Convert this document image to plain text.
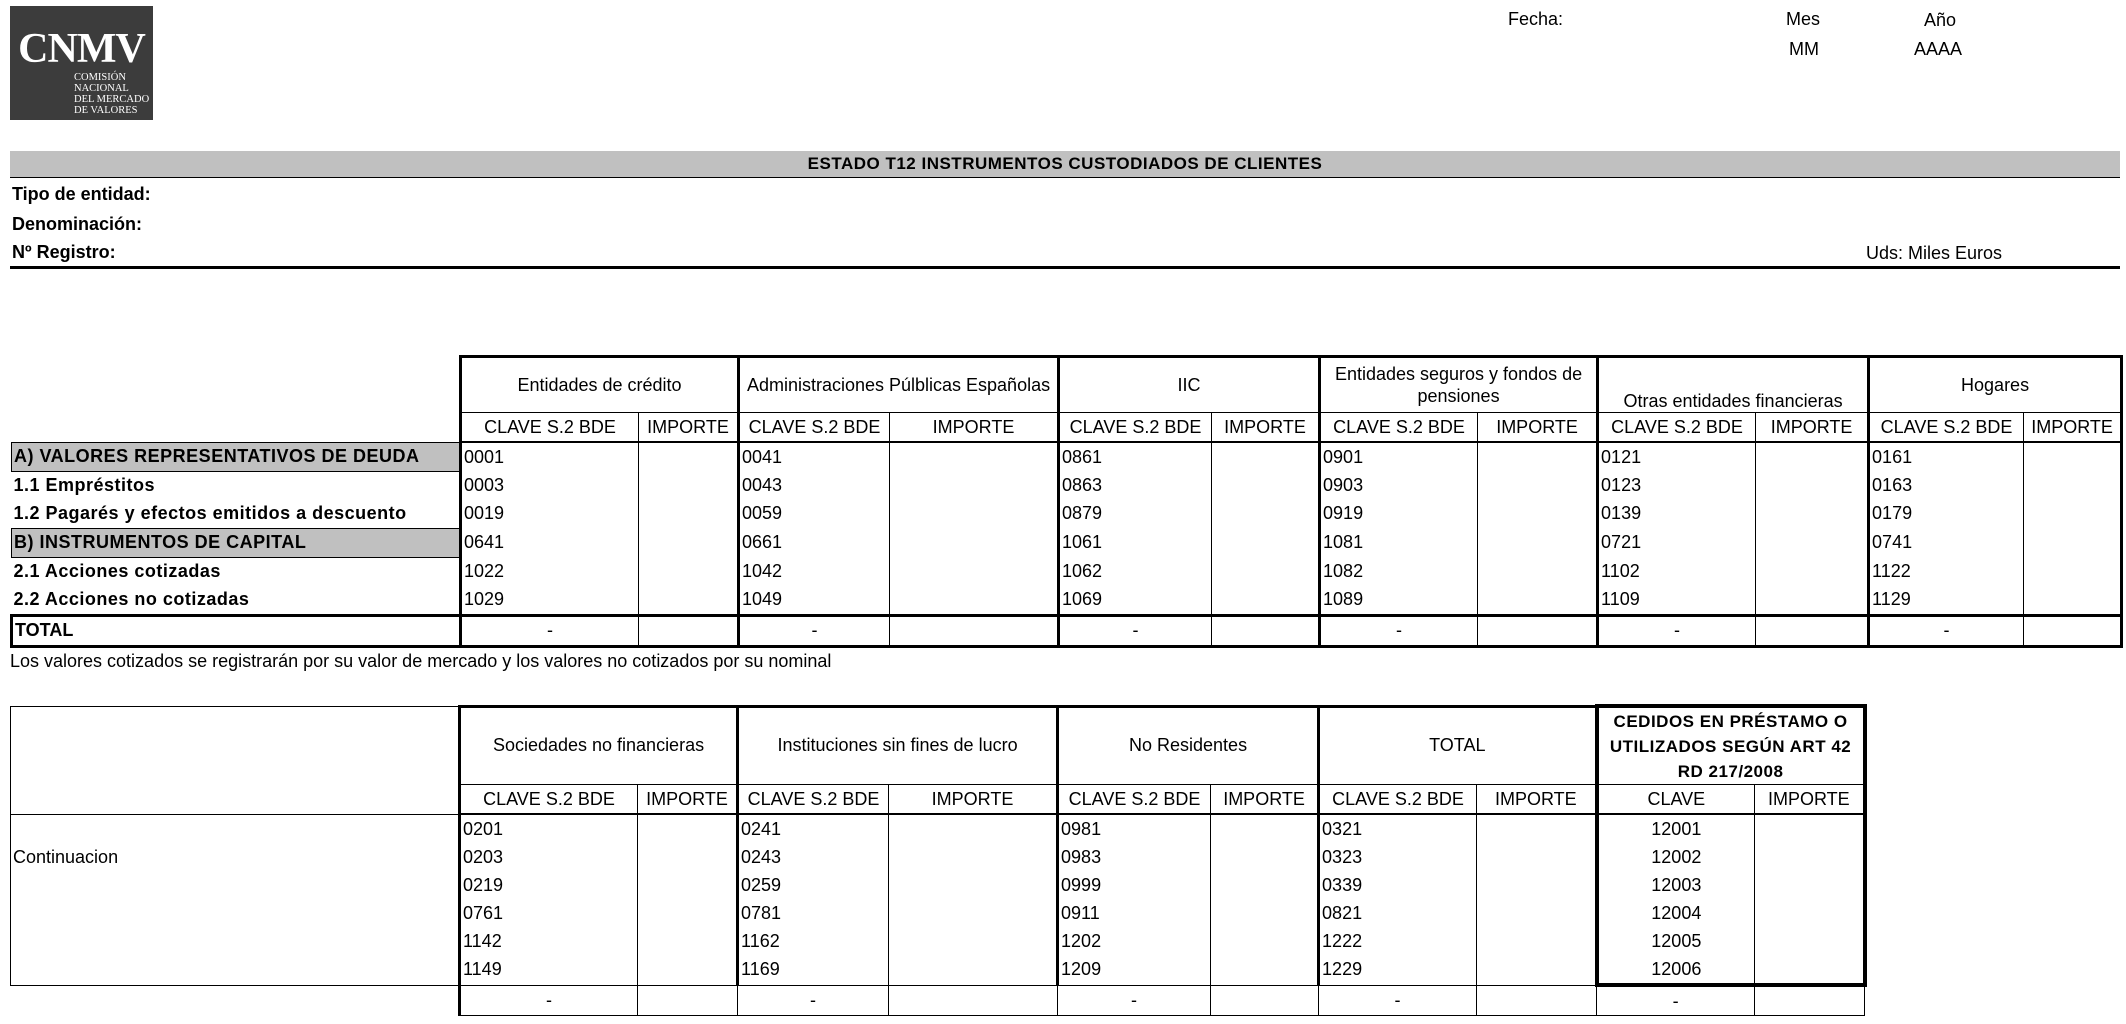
CNMV
COMISIÓN
NACIONAL
DEL MERCADO
DE VALORES
Fecha:	Mes	Año
MM	AAAA
ESTADO T12 INSTRUMENTOS CUSTODIADOS DE CLIENTES
Tipo de entidad:
Denominación:
Nº Registro:	Uds: Miles Euros
	Entidades de crédito		Administraciones Púlblicas Españolas		IIC		Entidades seguros y fondos de pensiones		Otras entidades financieras		Hogares	
	CLAVE S.2 BDE	IMPORTE	CLAVE S.2 BDE	IMPORTE	CLAVE S.2 BDE	IMPORTE	CLAVE S.2 BDE	IMPORTE	CLAVE S.2 BDE	IMPORTE	CLAVE S.2 BDE	IMPORTE
A) VALORES REPRESENTATIVOS DE DEUDA	0001		0041		0861		0901		0121		0161	
1.1 Empréstitos	0003		0043		0863		0903		0123		0163	
1.2 Pagarés y efectos emitidos a descuento	0019		0059		0879		0919		0139		0179	
B) INSTRUMENTOS DE CAPITAL	0641		0661		1061		1081		0721		0741	
2.1 Acciones cotizadas	1022		1042		1062		1082		1102		1122	
2.2 Acciones no cotizadas	1029		1049		1069		1089		1109		1129	
TOTAL	-		-		-		-		-		-	
Los valores cotizados se registrarán por su valor de mercado y los valores no cotizados por su nominal
	Sociedades no financieras		Instituciones sin fines de lucro		No Residentes		TOTAL		CEDIDOS EN PRÉSTAMO O UTILIZADOS SEGÚN ART 42 RD 217/2008	
	CLAVE S.2 BDE	IMPORTE	CLAVE S.2 BDE	IMPORTE	CLAVE S.2 BDE	IMPORTE	CLAVE S.2 BDE	IMPORTE	CLAVE	IMPORTE
Continuacion	0201		0241		0981		0321		12001	
	0203		0243		0983		0323		12002	
	0219		0259		0999		0339		12003	
	0761		0781		0911		0821		12004	
	1142		1162		1202		1222		12005	
	1149		1169		1209		1229		12006	
	-		-		-		-		-	
